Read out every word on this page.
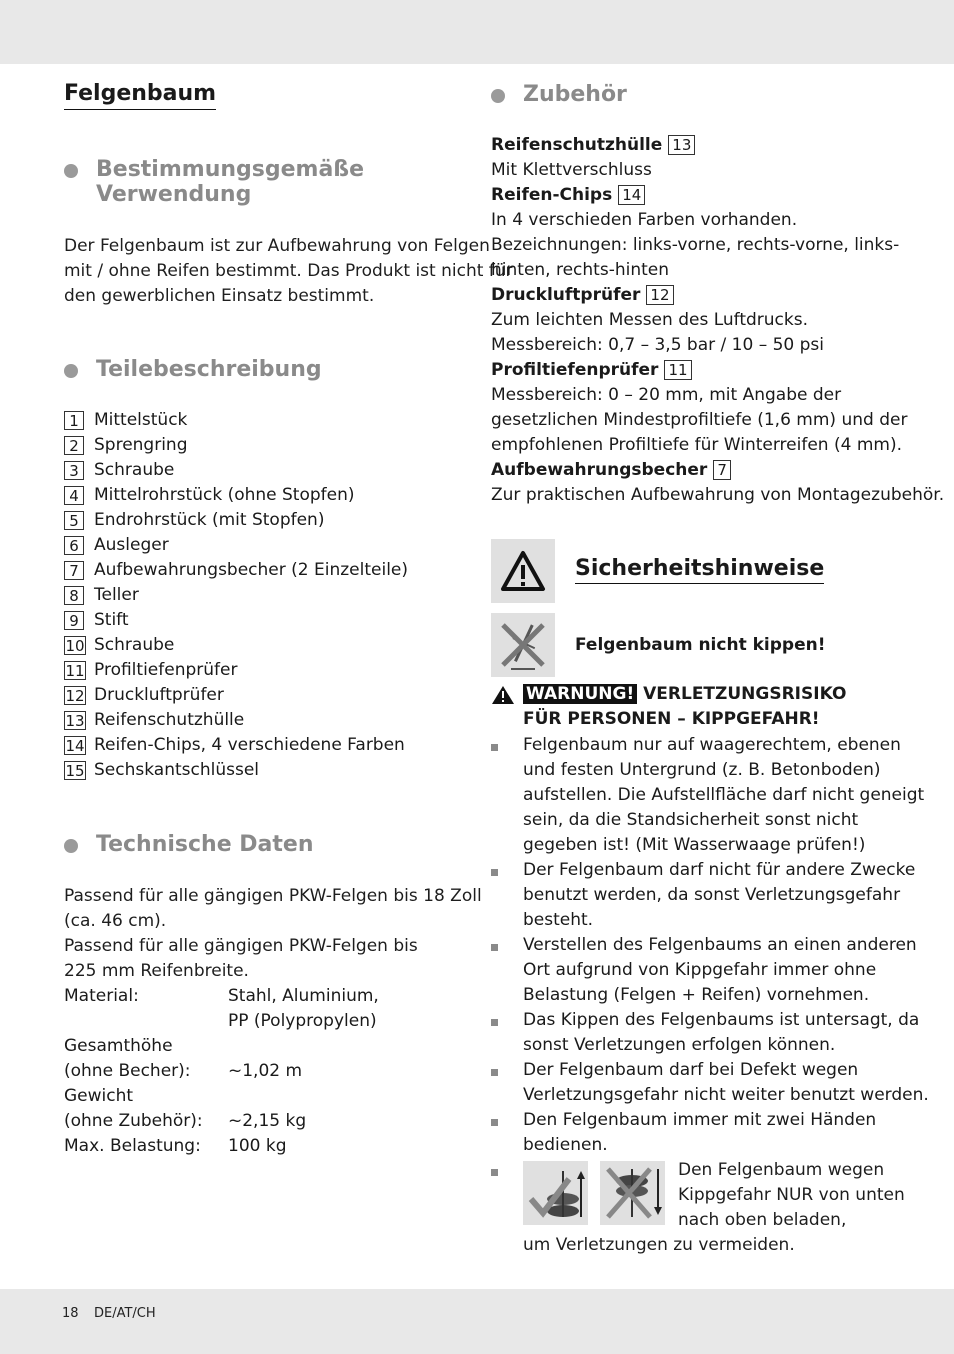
Felgenbaum
Bestimmungsgemäße
Verwendung
Der Felgenbaum ist zur Aufbewahrung von Felgen
mit / ohne Reifen bestimmt. Das Produkt ist nicht für
den gewerblichen Einsatz bestimmt.
Teilebeschreibung
1 Mittelstück
2 Sprengring
3 Schraube
4 Mittelrohrstück (ohne Stopfen)
5 Endrohrstück (mit Stopfen)
6 Ausleger
7 Aufbewahrungsbecher (2 Einzelteile)
8 Teller
9 Stift
10 Schraube
11 Profiltiefenprüfer
12 Druckluftprüfer
13 Reifenschutzhülle
14 Reifen-Chips, 4 verschiedene Farben
15 Sechskantschlüssel
Technische Daten
Passend für alle gängigen PKW-Felgen bis 18 Zoll
(ca. 46 cm).
Passend für alle gängigen PKW-Felgen bis
225 mm Reifenbreite.
Material:	Stahl, Aluminium,
PP (Polypropylen)
Gesamthöhe
(ohne Becher): ~1,02 m
Gewicht
(ohne Zubehör): ~2,15 kg
Max. Belastung: 100 kg
Zubehör
Reifenschutzhülle 13
Mit Klettverschluss
Reifen-Chips 14
In 4 verschieden Farben vorhanden.
Bezeichnungen: links-vorne, rechts-vorne, links-
hinten, rechts-hinten
Druckluftprüfer 12
Zum leichten Messen des Luftdrucks.
Messbereich: 0,7 – 3,5 bar / 10 – 50 psi
Profiltiefenprüfer 11
Messbereich: 0 – 20 mm, mit Angabe der
gesetzlichen Mindestprofiltiefe (1,6 mm) und der
empfohlenen Profiltiefe für Winterreifen (4 mm).
Aufbewahrungsbecher 7
Zur praktischen Aufbewahrung von Montagezubehör.
Sicherheitshinweise
Felgenbaum nicht kippen!
WARNUNG! VERLETZUNGSRISIKO
FÜR PERSONEN – KIPPGEFAHR!
Felgenbaum nur auf waagerechtem, ebenen
und festen Untergrund (z. B. Betonboden)
aufstellen. Die Aufstellfläche darf nicht geneigt
sein, da die Standsicherheit sonst nicht
gegeben ist! (Mit Wasserwaage prüfen!)
Der Felgenbaum darf nicht für andere Zwecke
benutzt werden, da sonst Verletzungsgefahr
besteht.
Verstellen des Felgenbaums an einen anderen
Ort aufgrund von Kippgefahr immer ohne
Belastung (Felgen + Reifen) vornehmen.
Das Kippen des Felgenbaums ist untersagt, da
sonst Verletzungen erfolgen können.
Der Felgenbaum darf bei Defekt wegen
Verletzungsgefahr nicht weiter benutzt werden.
Den Felgenbaum immer mit zwei Händen
bedienen.
Den Felgenbaum wegen
Kippgefahr NUR von unten
nach oben beladen,
um Verletzungen zu vermeiden.
18 DE/AT/CH
